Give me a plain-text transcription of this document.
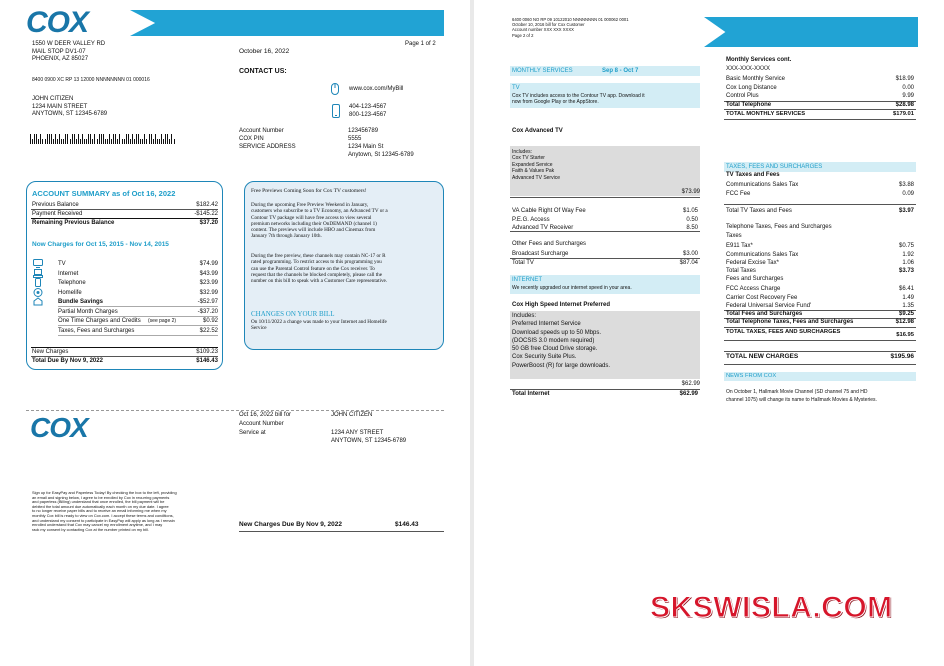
COX
1550 W DEER VALLEY RD
MAIL STOP DV1-07
PHOENIX, AZ 85027
Page 1 of 2
October 16, 2022
CONTACT US:
8400 0900 XC RP 13 12000 NNNNNNNN 01 000016
www.cox.com/MyBill
404-123-4567
800-123-4567
JOHN CITIZEN
1234 MAIN STREET
ANYTOWN, ST 12345-6789
Account Number	123456789
COX PIN	5555
SERVICE ADDRESS	1234 Main St
Anytown, St 12345-6789
ACCOUNT SUMMARY as of Oct 16, 2022
Previous Balance	$182.42
Payment Received	-$145.22
Remaining Previous Balance	$37.20
Now Charges for Oct 15, 2015 - Nov 14, 2015
TV	$74.99
Internet	$43.99
Telephone	$23.99
Homelife	$32.99
Bundle Savings	-$52.97
Partial Month Charges	-$37.20
One Time Charges and Credits (see page 2)	$0.92
Taxes, Fees and Surcharges	$22.52
New Charges	$109.23
Total Due By Nov 9, 2022	$146.43
Free Previews Coming Soon for Cox TV customers!
During the upcoming Free Preview Weekend in January,
customers who subscribe to a TV Economy, an Advanced TV or a
Contour TV package will have free access to view several
premium networks including their OnDEMAND (channel 1)
content. The previews will include HBO and Cinemax from
January 7th through January 10th.
During the free preview, these channels may contain NC-17 or R
rated programming. To restrict access to this programming you
can use the Parental Control feature on the Cox receiver. To
request that the channels be blocked completely, please call the
number on this bill to speak with a Customer Care representative.
CHANGES ON YOUR BILL
On 10/11/2022 a change was made to your Internet and Homelife
Service
COX	Oct 16, 2022 bill for	JOHN CITIZEN
Account Number
Service at	1234 ANY STREET
ANYTOWN, ST 12345-6789
Sign up for EasyPay and Paperless Today! By checking the box to the left, providing
an email and signing below, I agree to be enrolled by Cox in recurring payments
and paperless (Billing) understand that once enrolled, the bill payment will be
debited the total amount due automatically each month on my due date. I agree
to no longer receive paper bills and to receive an email informing me when my
monthly Cox bill is ready to view on Cox.com. I accept these terms and conditions,
and understand my consent to participate in EasyPay will apply as long as I remain
enrolled understand that Cox may cancel my enrollment anytime, and I may
rack my consent by contacting Cox at the number printed on my bill.
New Charges Due By Nov 9, 2022	$146.43
6400 0060 NO RP 09 10122010 NNNNNNNN 01 000062 0001
October 10, 2016 bill for Cox Customer
Account number XXX XXX XXXX
Page 2 of 2
MONTHLY SERVICES	Sep 8 - Oct 7
TV
Cox TV includes access to the Contour TV app. Download it
now from Google Play or the AppStore.
Cox Advanced TV
Includes:
Cox TV Starter
Expanded Service
Faith & Values Pak
Advanced TV Service
$73.99
VA Cable Right Of Way Fee	$1.05
P.E.G. Access	0.50
Advanced TV Receiver	8.50
Other Fees and Surcharges
Broadcast Surcharge	$3.00
Total TV	$87.04
INTERNET
We recently upgraded our internet speed in your area.
Cox High Speed Internet Preferred
Includes:
Preferred Internet Service
Download speeds up to 50 Mbps.
(DOCSIS 3.0 modem required)
50 GB free Cloud Drive storage.
Cox Security Suite Plus.
PowerBoost (R) for large downloads.
$62.99
Total Internet	$62.99
Monthly Services cont.
XXX-XXX-XXXX
Basic Monthly Service	$18.99
Cox Long Distance	0.00
Control Plus	9.99
Total Telephone	$28.98
TOTAL MONTHLY SERVICES	$179.01
TAXES, FEES AND SURCHARGES
TV Taxes and Fees
Communications Sales Tax	$3.88
FCC Fee	0.09
Total TV Taxes and Fees	$3.97
Telephone Taxes, Fees and Surcharges
Taxes
E911 Tax*	$0.75
Communications Sales Tax	1.92
Federal Excise Tax*	1.06
Total Taxes	$3.73
Fees and Surcharges
FCC Access Charge	$6.41
Carrier Cost Recovery Fee	1.49
Federal Universal Service Fund'	1.35
Total Fees and Surcharges	$9.25
Total Telephone Taxes, Fees and Surcharges	$12.98
TOTAL TAXES, FEES AND SURCHARGES	$16.95
TOTAL NEW CHARGES	$195.96
NEWS FROM COX
On October 1, Hallmark Movie Channel (SD channel 75 and HD
channel 1075) will change its name to Hallmark Movies & Mysteries.
SKSWISLA.COM
